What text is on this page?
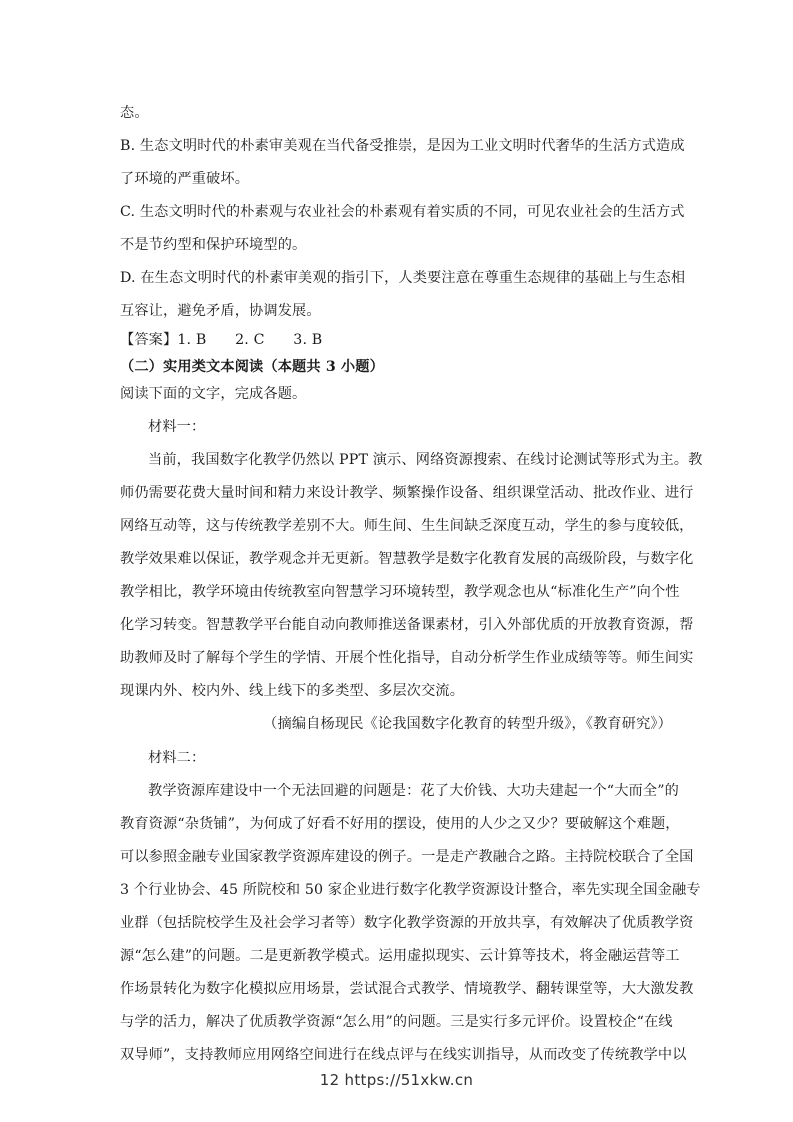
态。
B. 生态文明时代的朴素审美观在当代备受推崇，是因为工业文明时代奢华的生活方式造成
了环境的严重破坏。
C. 生态文明时代的朴素观与农业社会的朴素观有着实质的不同，可见农业社会的生活方式
不是节约型和保护环境型的。
D. 在生态文明时代的朴素审美观的指引下，人类要注意在尊重生态规律的基础上与生态相
互容让，避免矛盾，协调发展。
【答案】1. B　　2. C　　3. B
（二）实用类文本阅读（本题共 3 小题）
阅读下面的文字，完成各题。
材料一：
当前，我国数字化教学仍然以 PPT 演示、网络资源搜索、在线讨论测试等形式为主。教
师仍需要花费大量时间和精力来设计教学、频繁操作设备、组织课堂活动、批改作业、进行
网络互动等，这与传统教学差别不大。师生间、生生间缺乏深度互动，学生的参与度较低，
教学效果难以保证，教学观念并无更新。智慧教学是数字化教育发展的高级阶段，与数字化
教学相比，教学环境由传统教室向智慧学习环境转型，教学观念也从“标准化生产”向个性
化学习转变。智慧教学平台能自动向教师推送备课素材，引入外部优质的开放教育资源，帮
助教师及时了解每个学生的学情、开展个性化指导，自动分析学生作业成绩等等。师生间实
现课内外、校内外、线上线下的多类型、多层次交流。
（摘编自杨现民《论我国数字化教育的转型升级》，《教育研究》）
材料二：
教学资源库建设中一个无法回避的问题是：花了大价钱、大功夫建起一个“大而全”的
教育资源“杂货铺”，为何成了好看不好用的摆设，使用的人少之又少？要破解这个难题，
可以参照金融专业国家教学资源库建设的例子。一是走产教融合之路。主持院校联合了全国
3 个行业协会、45 所院校和 50 家企业进行数字化教学资源设计整合，率先实现全国金融专
业群（包括院校学生及社会学习者等）数字化教学资源的开放共享，有效解决了优质教学资
源“怎么建”的问题。二是更新教学模式。运用虚拟现实、云计算等技术，将金融运营等工
作场景转化为数字化模拟应用场景，尝试混合式教学、情境教学、翻转课堂等，大大激发教
与学的活力，解决了优质教学资源“怎么用”的问题。三是实行多元评价。设置校企“在线
双导师”，支持教师应用网络空间进行在线点评与在线实训指导，从而改变了传统教学中以
12 https://51xkw.cn
